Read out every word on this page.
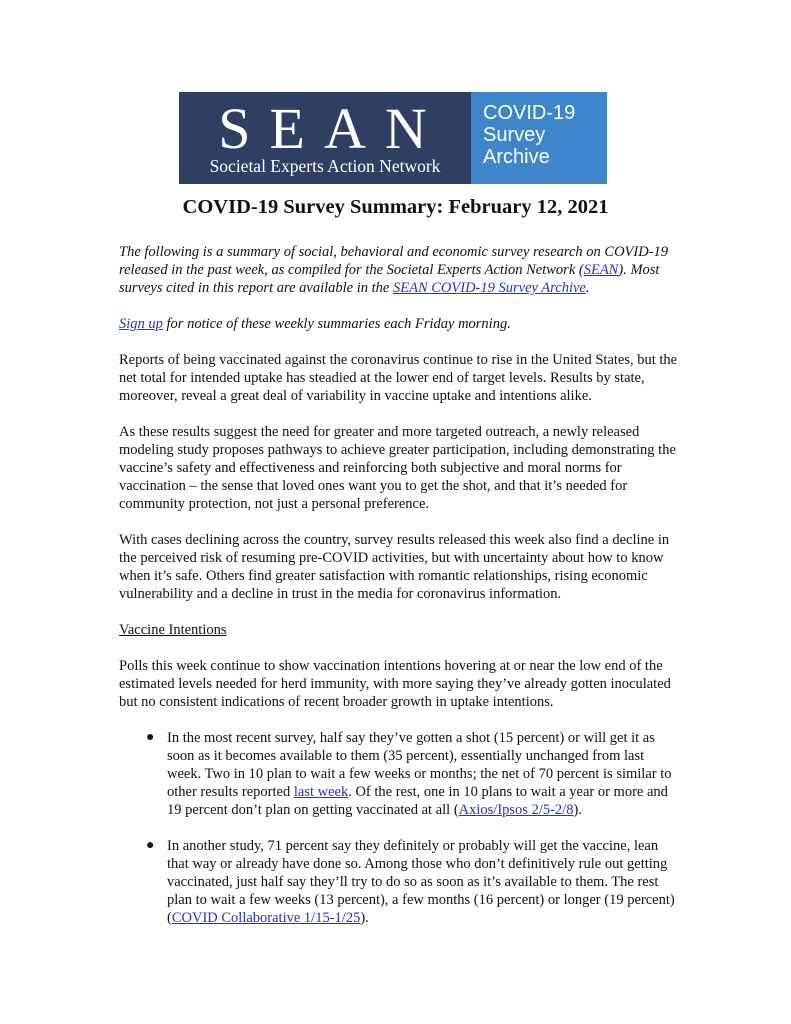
SEAN
Societal Experts Action Network
COVID-19
Survey
Archive
COVID-19 Survey Summary: February 12, 2021

The following is a summary of social, behavioral and economic survey research on COVID-19 released in the past week, as compiled for the Societal Experts Action Network (SEAN). Most surveys cited in this report are available in the SEAN COVID-19 Survey Archive.

Sign up for notice of these weekly summaries each Friday morning.

Reports of being vaccinated against the coronavirus continue to rise in the United States, but the net total for intended uptake has steadied at the lower end of target levels. Results by state, moreover, reveal a great deal of variability in vaccine uptake and intentions alike.

As these results suggest the need for greater and more targeted outreach, a newly released modeling study proposes pathways to achieve greater participation, including demonstrating the vaccine’s safety and effectiveness and reinforcing both subjective and moral norms for vaccination – the sense that loved ones want you to get the shot, and that it’s needed for community protection, not just a personal preference.

With cases declining across the country, survey results released this week also find a decline in the perceived risk of resuming pre-COVID activities, but with uncertainty about how to know when it’s safe. Others find greater satisfaction with romantic relationships, rising economic vulnerability and a decline in trust in the media for coronavirus information.

Vaccine Intentions

Polls this week continue to show vaccination intentions hovering at or near the low end of the estimated levels needed for herd immunity, with more saying they’ve already gotten inoculated but no consistent indications of recent broader growth in uptake intentions.

● In the most recent survey, half say they’ve gotten a shot (15 percent) or will get it as soon as it becomes available to them (35 percent), essentially unchanged from last week. Two in 10 plan to wait a few weeks or months; the net of 70 percent is similar to other results reported last week. Of the rest, one in 10 plans to wait a year or more and 19 percent don’t plan on getting vaccinated at all (Axios/Ipsos 2/5-2/8).
● In another study, 71 percent say they definitely or probably will get the vaccine, lean that way or already have done so. Among those who don’t definitively rule out getting vaccinated, just half say they’ll try to do so as soon as it’s available to them. The rest plan to wait a few weeks (13 percent), a few months (16 percent) or longer (19 percent) (COVID Collaborative 1/15-1/25).
